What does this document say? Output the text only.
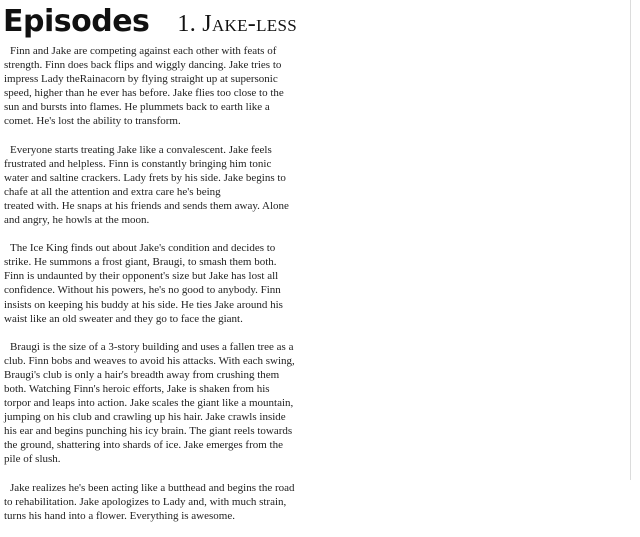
Episodes 1. Jake-less

Finn and Jake are competing against each other with feats of
strength. Finn does back flips and wiggly dancing. Jake tries to
impress Lady theRainacorn by flying straight up at supersonic
speed, higher than he ever has before. Jake flies too close to the
sun and bursts into flames. He plummets back to earth like a
comet. He's lost the ability to transform.

Everyone starts treating Jake like a convalescent. Jake feels
frustrated and helpless. Finn is constantly bringing him tonic
water and saltine crackers. Lady frets by his side. Jake begins to
chafe at all the attention and extra care he's being
treated with. He snaps at his friends and sends them away. Alone
and angry, he howls at the moon.

The Ice King finds out about Jake's condition and decides to
strike. He summons a frost giant, Braugi, to smash them both.
Finn is undaunted by their opponent's size but Jake has lost all
confidence. Without his powers, he's no good to anybody. Finn
insists on keeping his buddy at his side. He ties Jake around his
waist like an old sweater and they go to face the giant.

Braugi is the size of a 3-story building and uses a fallen tree as a
club. Finn bobs and weaves to avoid his attacks. With each swing,
Braugi's club is only a hair's breadth away from crushing them
both. Watching Finn's heroic efforts, Jake is shaken from his
torpor and leaps into action. Jake scales the giant like a mountain,
jumping on his club and crawling up his hair. Jake crawls inside
his ear and begins punching his icy brain. The giant reels towards
the ground, shattering into shards of ice. Jake emerges from the
pile of slush.

Jake realizes he's been acting like a butthead and begins the road
to rehabilitation. Jake apologizes to Lady and, with much strain,
turns his hand into a flower. Everything is awesome.
